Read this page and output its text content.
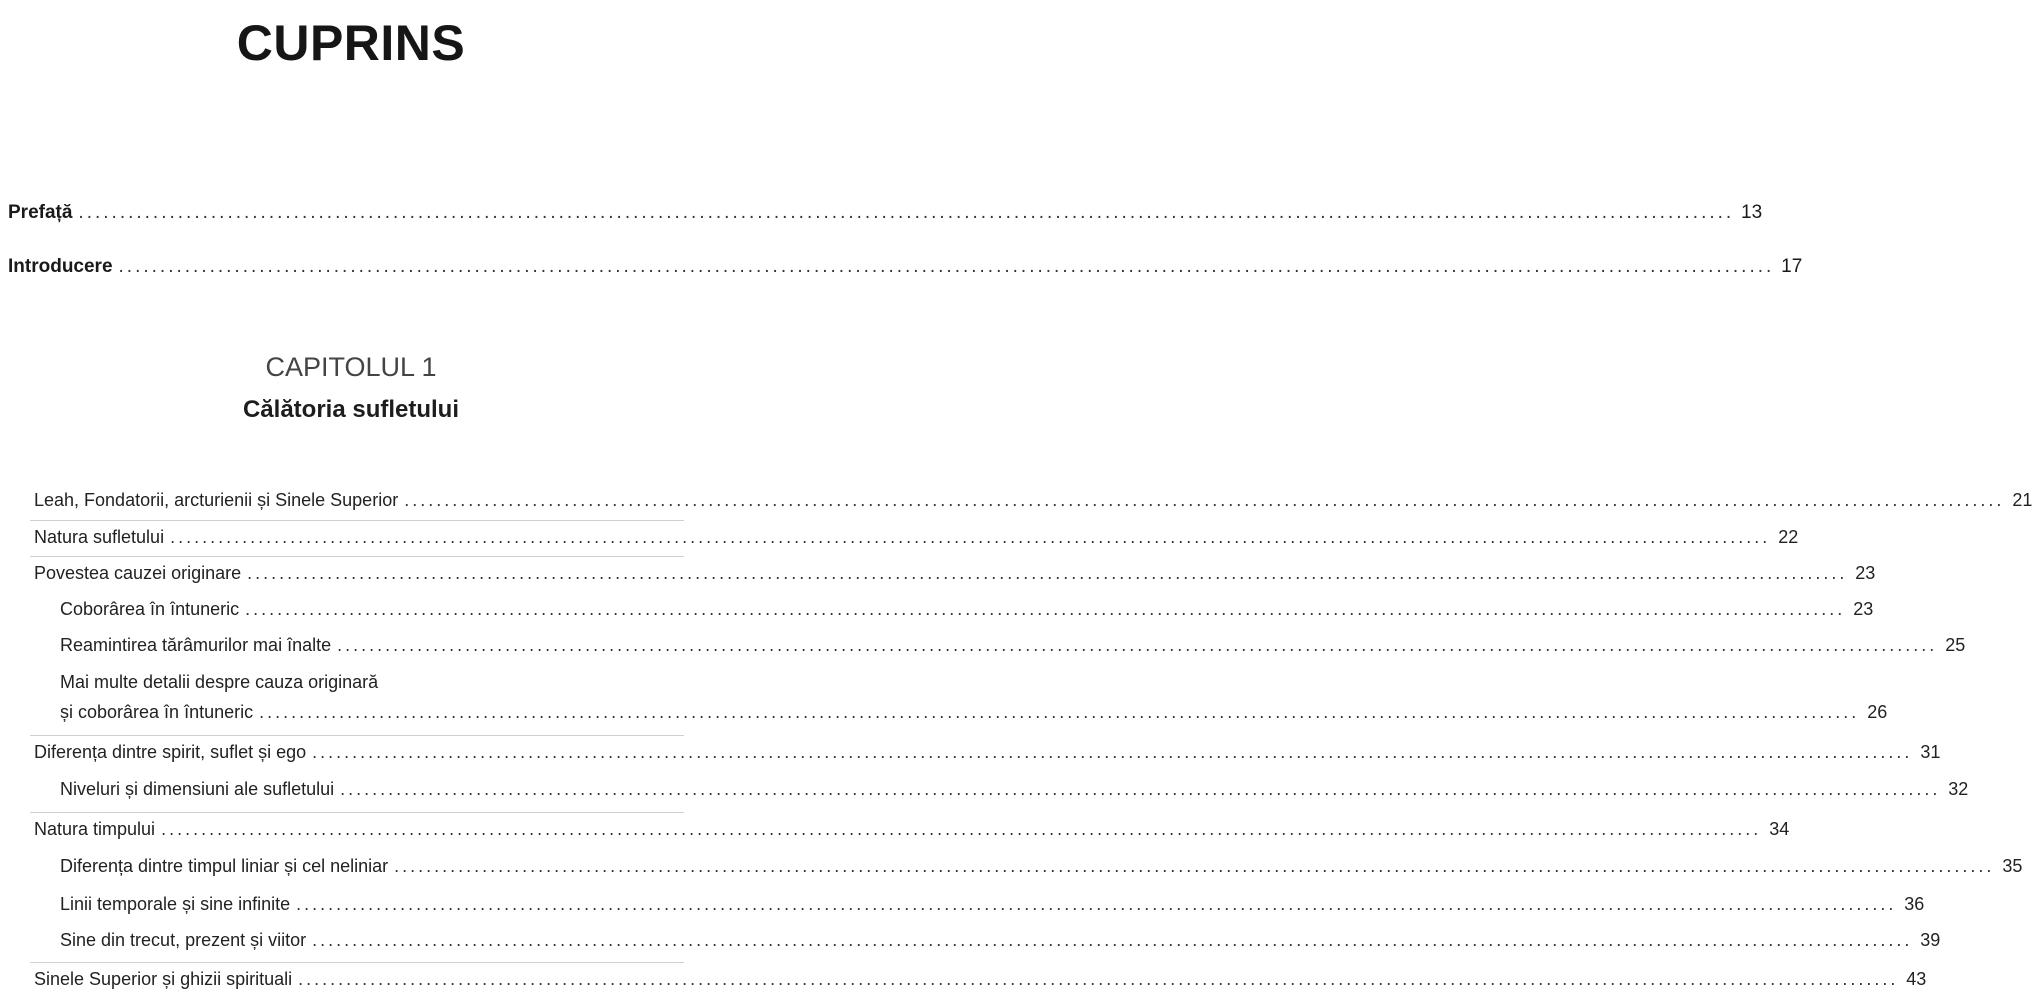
CUPRINS
Prefață ........................................................................................................................................................................................................ 13
Introducere ........................................................................................................................................................................................................ 17
CAPITOLUL 1
Călătoria sufletului
Leah, Fondatorii, arcturienii și Sinele Superior ........................................................................................................................................................................................................ 21
Natura sufletului ........................................................................................................................................................................................................ 22
Povestea cauzei originare ........................................................................................................................................................................................................ 23
Coborârea în întuneric ........................................................................................................................................................................................................ 23
Reamintirea tărâmurilor mai înalte ........................................................................................................................................................................................................ 25
Mai multe detalii despre cauza originară
și coborârea în întuneric ........................................................................................................................................................................................................ 26
Diferența dintre spirit, suflet și ego ........................................................................................................................................................................................................ 31
Niveluri și dimensiuni ale sufletului ........................................................................................................................................................................................................ 32
Natura timpului ........................................................................................................................................................................................................ 34
Diferența dintre timpul liniar și cel neliniar ........................................................................................................................................................................................................ 35
Linii temporale și sine infinite ........................................................................................................................................................................................................ 36
Sine din trecut, prezent și viitor ........................................................................................................................................................................................................ 39
Sinele Superior și ghizii spirituali ........................................................................................................................................................................................................ 43
